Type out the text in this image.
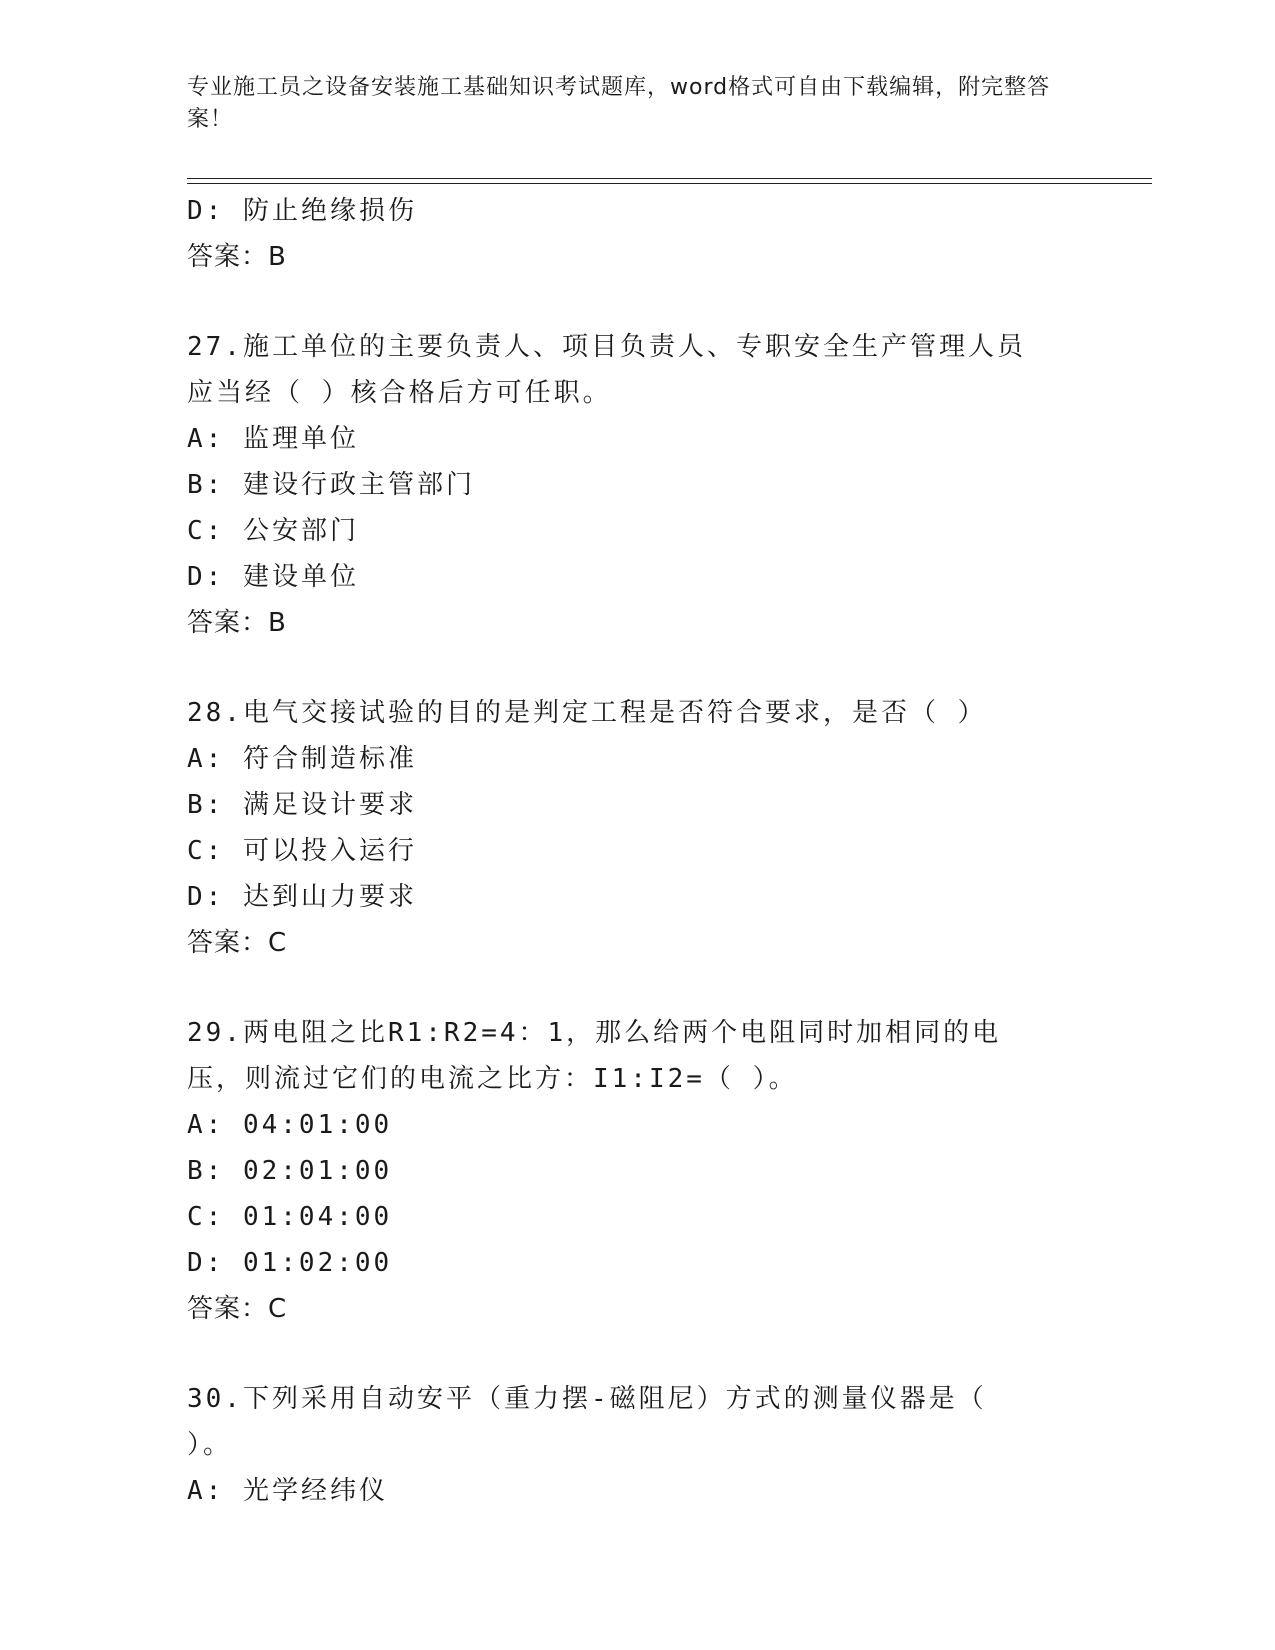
专业施工员之设备安装施工基础知识考试题库，word格式可自由下载编辑，附完整答案！
D: 防止绝缘损伤
答案：B
27.施工单位的主要负责人、项目负责人、专职安全生产管理人员应当经（ ）核合格后方可任职。
A: 监理单位
B: 建设行政主管部门
C: 公安部门
D: 建设单位
答案：B
28.电气交接试验的目的是判定工程是否符合要求，是否（ ）
A: 符合制造标准
B: 满足设计要求
C: 可以投入运行
D: 达到山力要求
答案：C
29.两电阻之比R1:R2=4：1，那么给两个电阻同时加相同的电压，则流过它们的电流之比方：I1:I2=（ ）。
A: 04:01:00
B: 02:01:00
C: 01:04:00
D: 01:02:00
答案：C
30.下列采用自动安平（重力摆-磁阻尼）方式的测量仪器是（ ）。
A: 光学经纬仪
